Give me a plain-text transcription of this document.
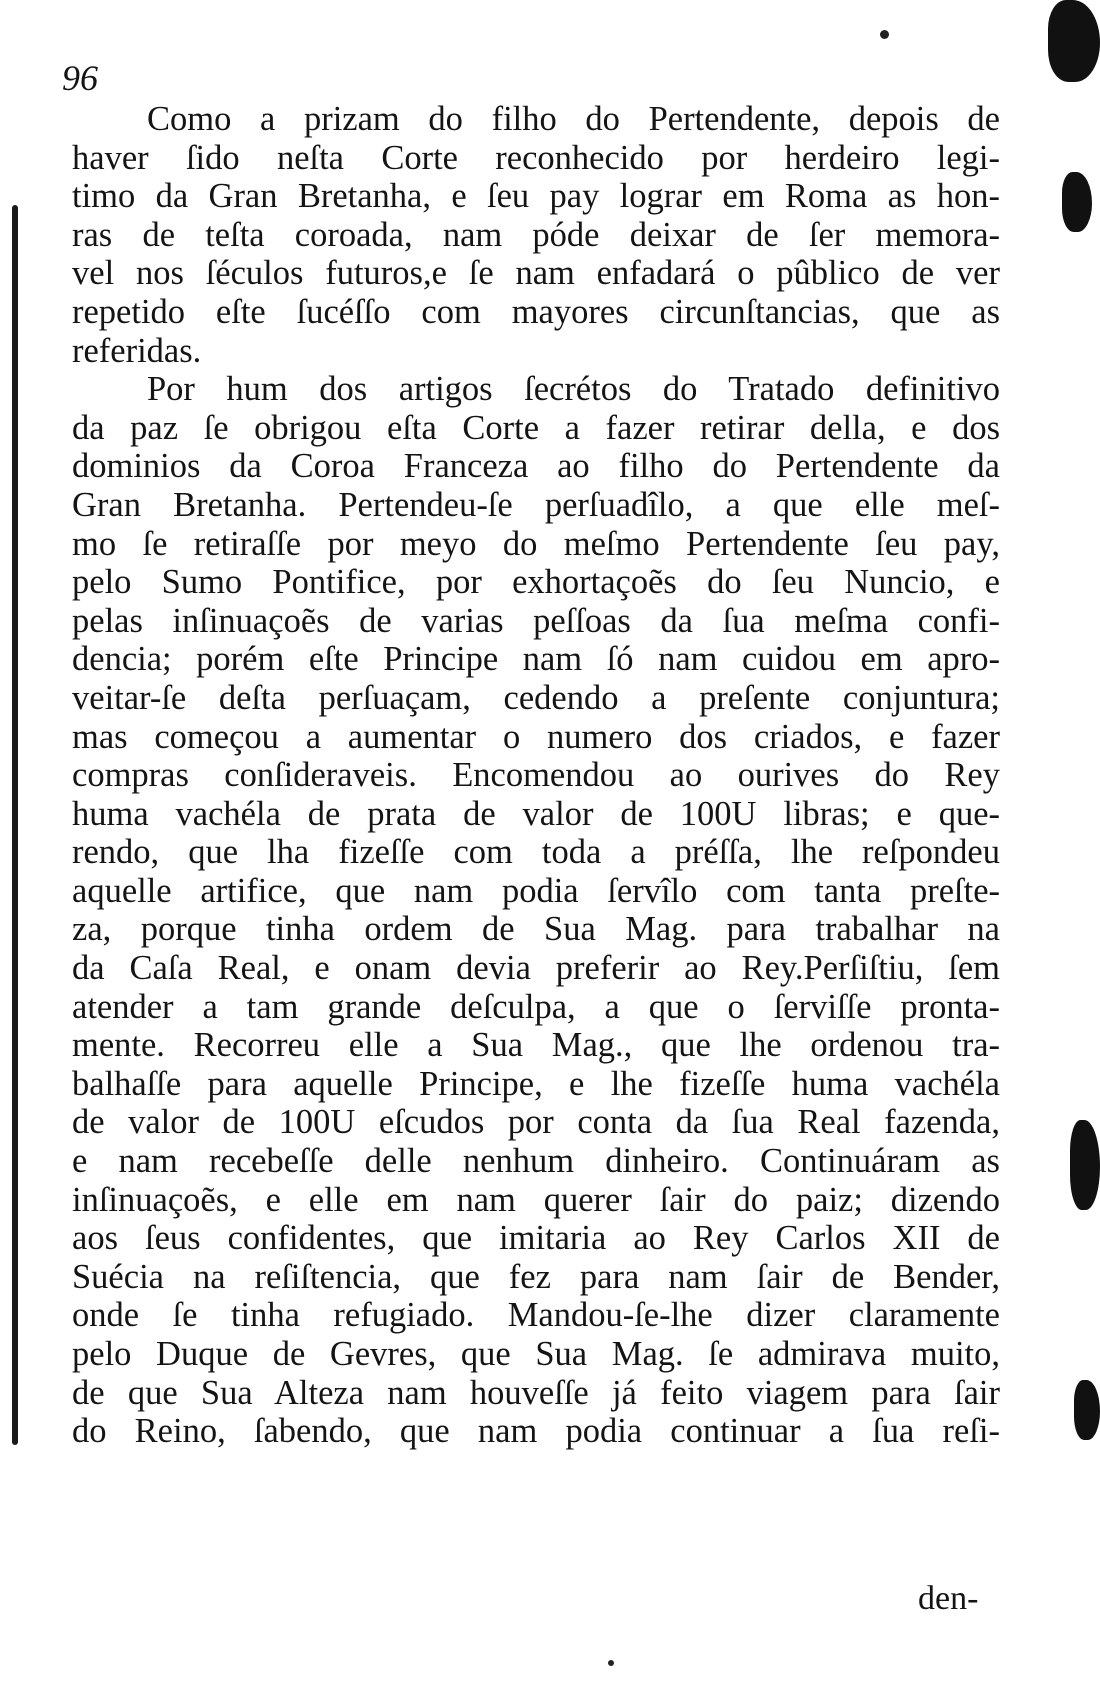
96
Como a prizam do filho do Pertendente, depois de
haver ſido neſta Corte reconhecido por herdeiro legi-
timo da Gran Bretanha, e ſeu pay lograr em Roma as hon-
ras de teſta coroada, nam póde deixar de ſer memora-
vel nos ſéculos futuros,e ſe nam enfadará o pûblico de ver
repetido eſte ſucéſſo com mayores circunſtancias, que as
referidas.
Por hum dos artigos ſecrétos do Tratado definitivo
da paz ſe obrigou eſta Corte a fazer retirar della, e dos
dominios da Coroa Franceza ao filho do Pertendente da
Gran Bretanha. Pertendeu-ſe perſuadîlo, a que elle meſ-
mo ſe retiraſſe por meyo do meſmo Pertendente ſeu pay,
pelo Sumo Pontifice, por exhortaçoẽs do ſeu Nuncio, e
pelas inſinuaçoẽs de varias peſſoas da ſua meſma confi-
dencia; porém eſte Principe nam ſó nam cuidou em apro-
veitar-ſe deſta perſuaçam, cedendo a preſente conjuntura;
mas começou a aumentar o numero dos criados, e fazer
compras conſideraveis. Encomendou ao ourives do Rey
huma vachéla de prata de valor de 100U libras; e que-
rendo, que lha fizeſſe com toda a préſſa, lhe reſpondeu
aquelle artifice, que nam podia ſervîlo com tanta preſte-
za, porque tinha ordem de Sua Mag. para trabalhar na
da Caſa Real, e onam devia preferir ao Rey.Perſiſtiu, ſem
atender a tam grande deſculpa, a que o ſerviſſe pronta-
mente. Recorreu elle a Sua Mag., que lhe ordenou tra-
balhaſſe para aquelle Principe, e lhe fizeſſe huma vachéla
de valor de 100U eſcudos por conta da ſua Real fazenda,
e nam recebeſſe delle nenhum dinheiro. Continuáram as
inſinuaçoẽs, e elle em nam querer ſair do paiz; dizendo
aos ſeus confidentes, que imitaria ao Rey Carlos XII de
Suécia na reſiſtencia, que fez para nam ſair de Bender,
onde ſe tinha refugiado. Mandou-ſe-lhe dizer claramente
pelo Duque de Gevres, que Sua Mag. ſe admirava muito,
de que Sua Alteza nam houveſſe já feito viagem para ſair
do Reino, ſabendo, que nam podia continuar a ſua reſi-
den-
